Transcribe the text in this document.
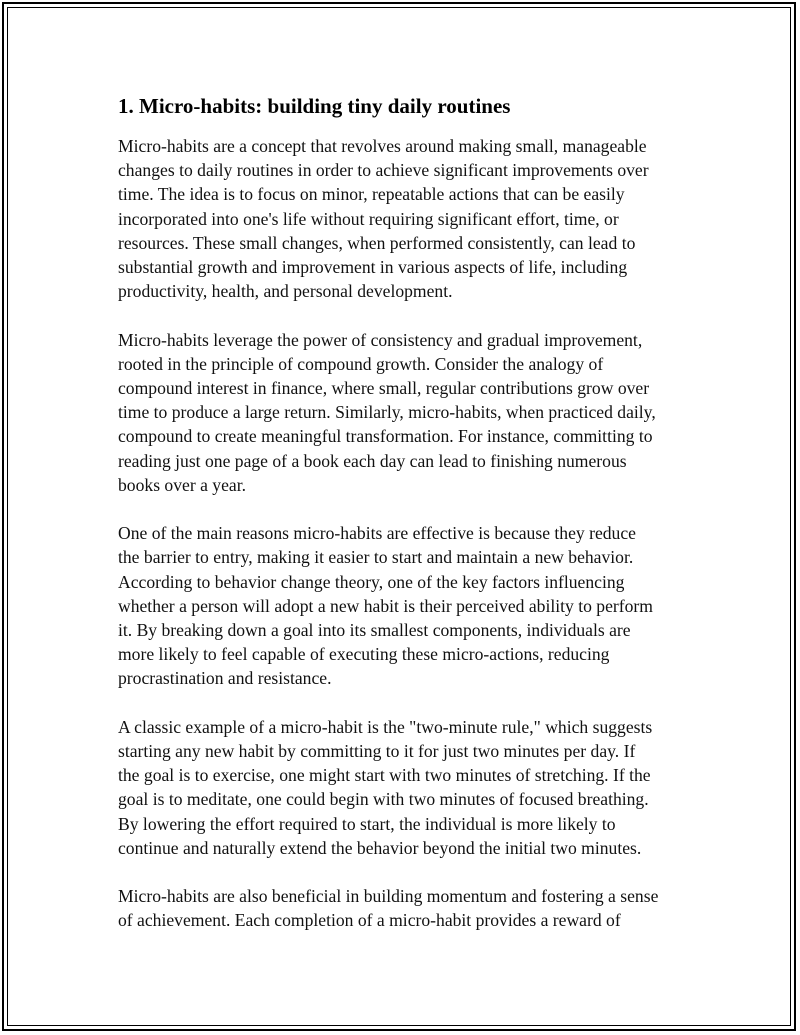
1. Micro-habits: building tiny daily routines
Micro-habits are a concept that revolves around making small, manageable
changes to daily routines in order to achieve significant improvements over
time. The idea is to focus on minor, repeatable actions that can be easily
incorporated into one's life without requiring significant effort, time, or
resources. These small changes, when performed consistently, can lead to
substantial growth and improvement in various aspects of life, including
productivity, health, and personal development.
Micro-habits leverage the power of consistency and gradual improvement,
rooted in the principle of compound growth. Consider the analogy of
compound interest in finance, where small, regular contributions grow over
time to produce a large return. Similarly, micro-habits, when practiced daily,
compound to create meaningful transformation. For instance, committing to
reading just one page of a book each day can lead to finishing numerous
books over a year.
One of the main reasons micro-habits are effective is because they reduce
the barrier to entry, making it easier to start and maintain a new behavior.
According to behavior change theory, one of the key factors influencing
whether a person will adopt a new habit is their perceived ability to perform
it. By breaking down a goal into its smallest components, individuals are
more likely to feel capable of executing these micro-actions, reducing
procrastination and resistance.
A classic example of a micro-habit is the "two-minute rule," which suggests
starting any new habit by committing to it for just two minutes per day. If
the goal is to exercise, one might start with two minutes of stretching. If the
goal is to meditate, one could begin with two minutes of focused breathing.
By lowering the effort required to start, the individual is more likely to
continue and naturally extend the behavior beyond the initial two minutes.
Micro-habits are also beneficial in building momentum and fostering a sense
of achievement. Each completion of a micro-habit provides a reward of
